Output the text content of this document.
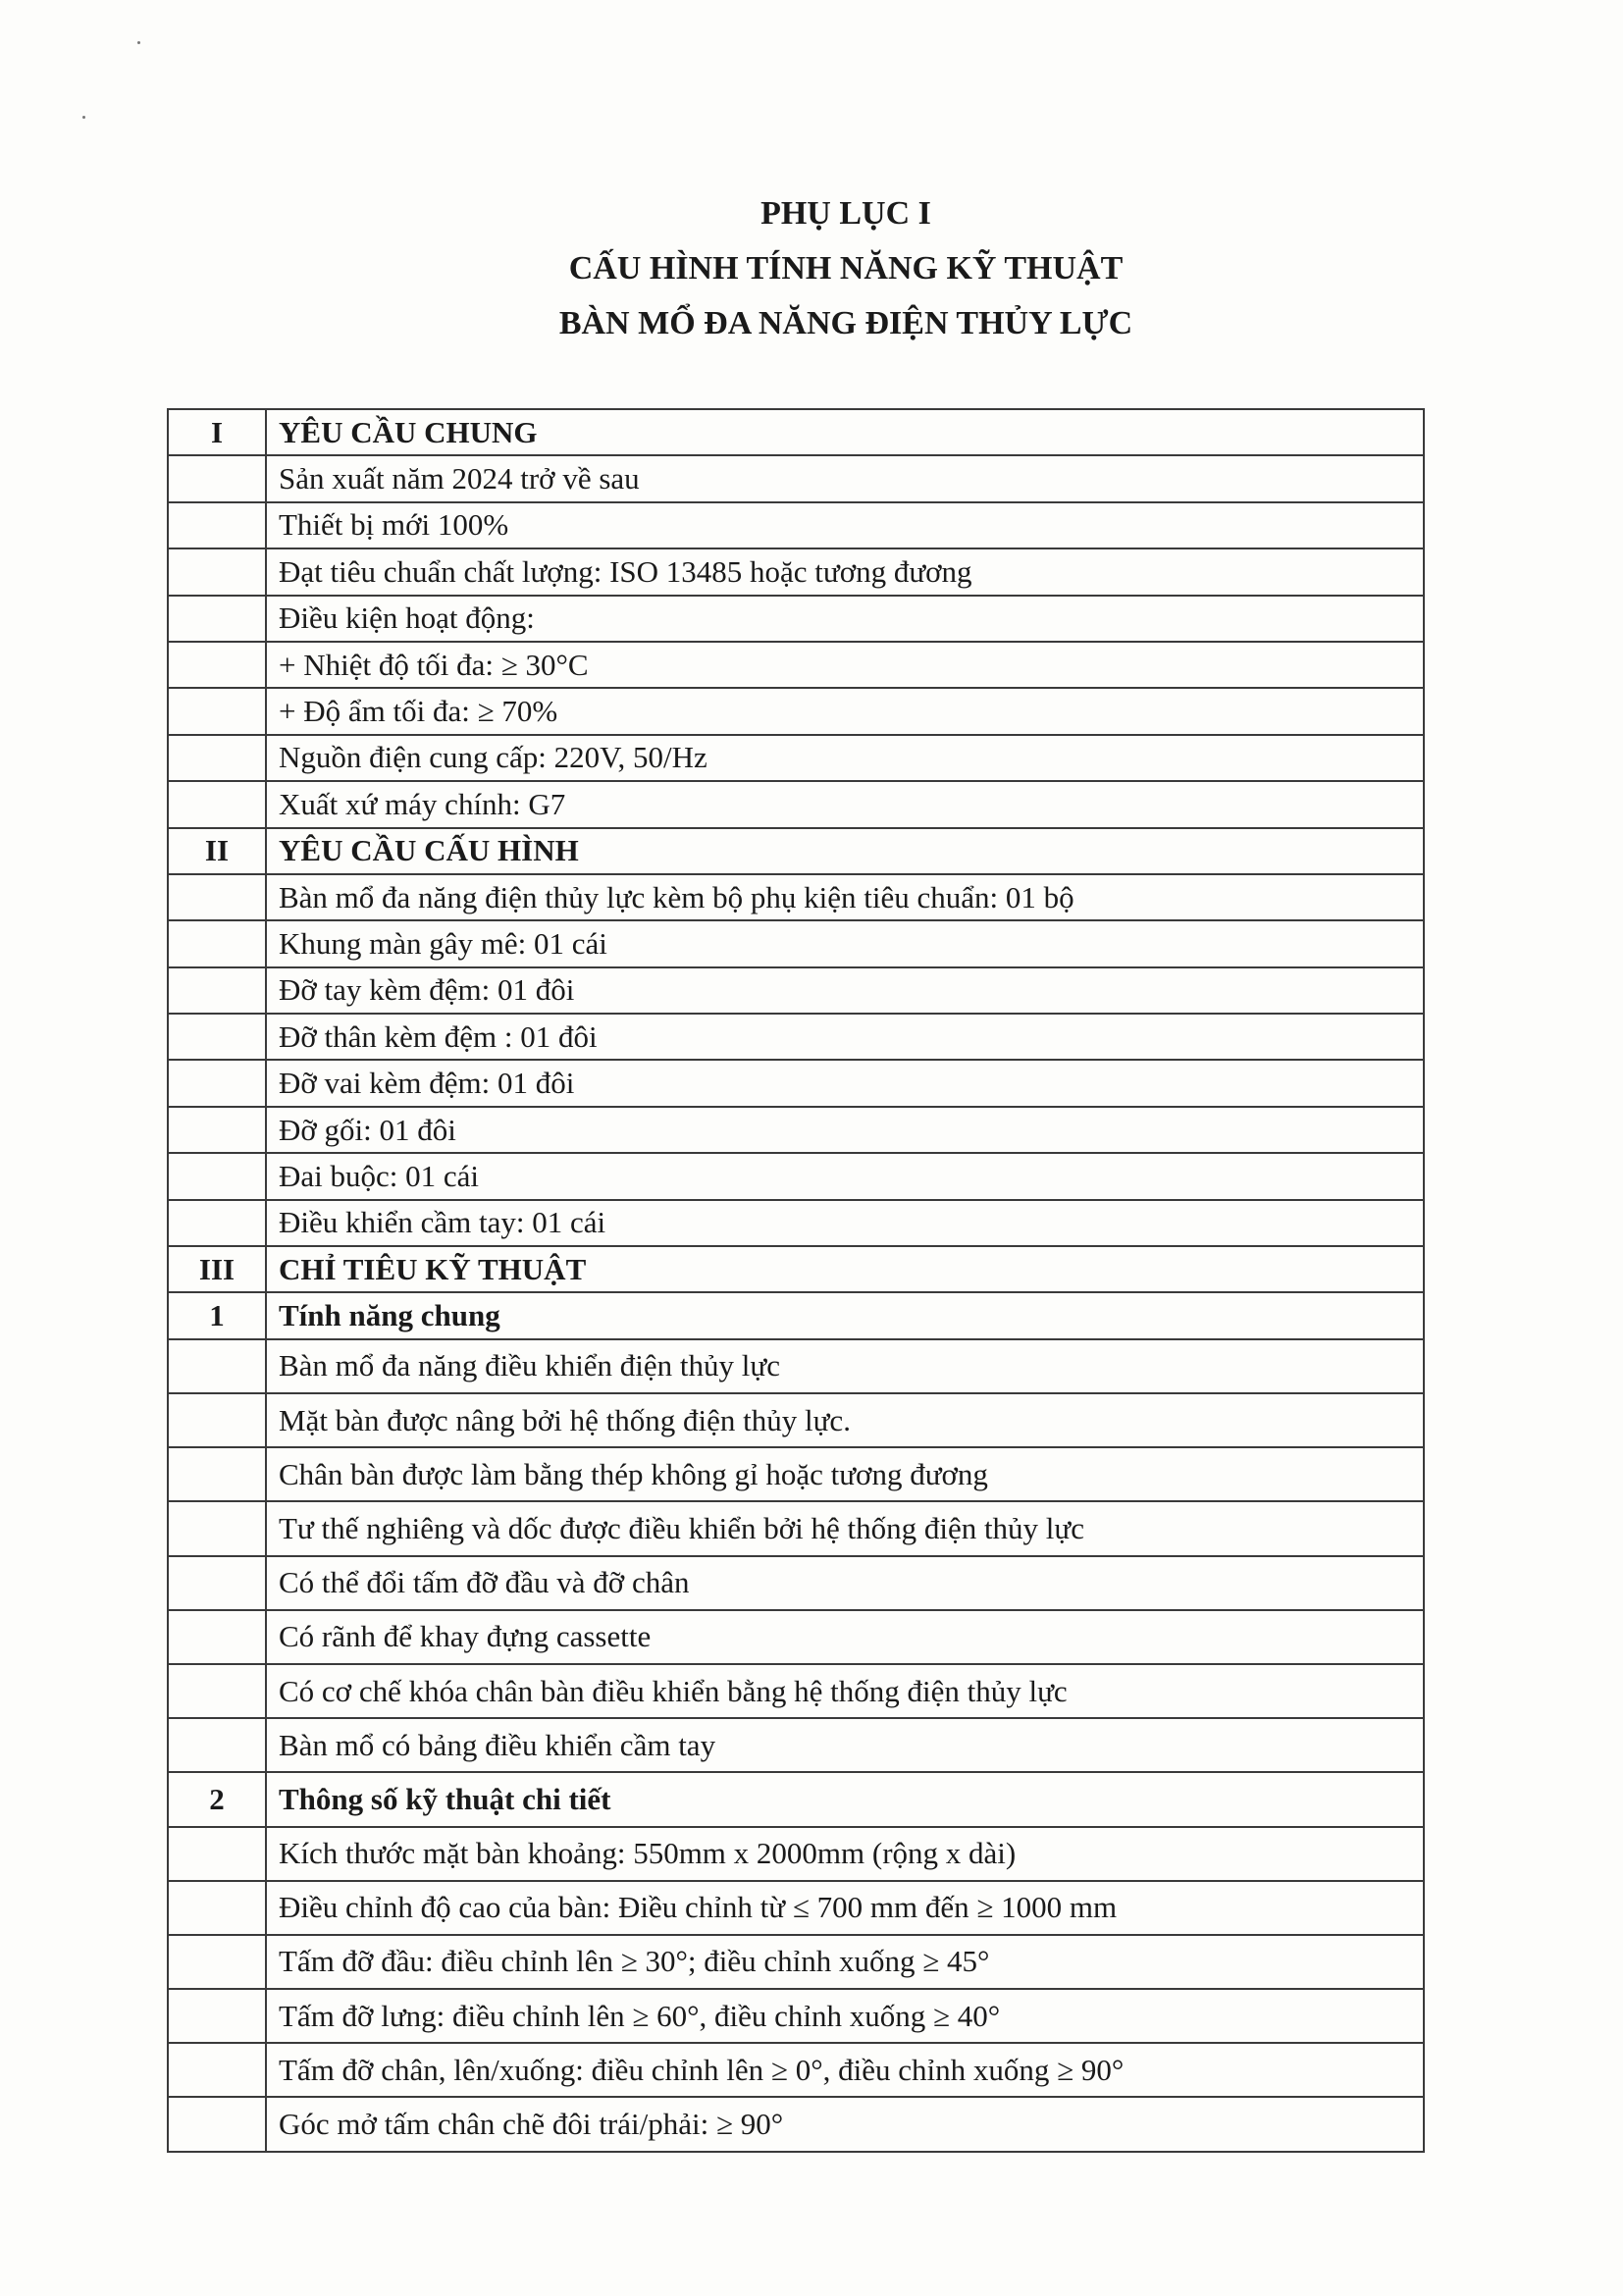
PHỤ LỤC I
CẤU HÌNH TÍNH NĂNG KỸ THUẬT
BÀN MỔ ĐA NĂNG ĐIỆN THỦY LỰC
I	YÊU CẦU CHUNG
	Sản xuất năm 2024 trở về sau
	Thiết bị mới 100%
	Đạt tiêu chuẩn chất lượng: ISO 13485 hoặc tương đương
	Điều kiện hoạt động:
	+ Nhiệt độ tối đa: ≥ 30°C
	+ Độ ẩm tối đa: ≥ 70%
	Nguồn điện cung cấp: 220V, 50/Hz
	Xuất xứ máy chính: G7
II	YÊU CẦU CẤU HÌNH
	Bàn mổ đa năng điện thủy lực kèm bộ phụ kiện tiêu chuẩn: 01 bộ
	Khung màn gây mê: 01 cái
	Đỡ tay kèm đệm: 01 đôi
	Đỡ thân kèm đệm : 01 đôi
	Đỡ vai kèm đệm: 01 đôi
	Đỡ gối: 01 đôi
	Đai buộc: 01 cái
	Điều khiển cầm tay: 01 cái
III	CHỈ TIÊU KỸ THUẬT
1	Tính năng chung
	Bàn mổ đa năng điều khiển điện thủy lực
	Mặt bàn được nâng bởi hệ thống điện thủy lực.
	Chân bàn được làm bằng thép không gỉ hoặc tương đương
	Tư thế nghiêng và dốc được điều khiển bởi hệ thống điện thủy lực
	Có thể đổi tấm đỡ đầu và đỡ chân
	Có rãnh để khay đựng cassette
	Có cơ chế khóa chân bàn điều khiển bằng hệ thống điện thủy lực
	Bàn mổ có bảng điều khiển cầm tay
2	Thông số kỹ thuật chi tiết
	Kích thước mặt bàn khoảng: 550mm x 2000mm (rộng x dài)
	Điều chỉnh độ cao của bàn: Điều chỉnh từ ≤ 700 mm đến ≥ 1000 mm
	Tấm đỡ đầu: điều chỉnh lên ≥ 30°; điều chỉnh xuống ≥ 45°
	Tấm đỡ lưng: điều chỉnh lên ≥ 60°, điều chỉnh xuống ≥ 40°
	Tấm đỡ chân, lên/xuống: điều chỉnh lên ≥ 0°, điều chỉnh xuống ≥ 90°
	Góc mở tấm chân chẽ đôi trái/phải: ≥ 90°
